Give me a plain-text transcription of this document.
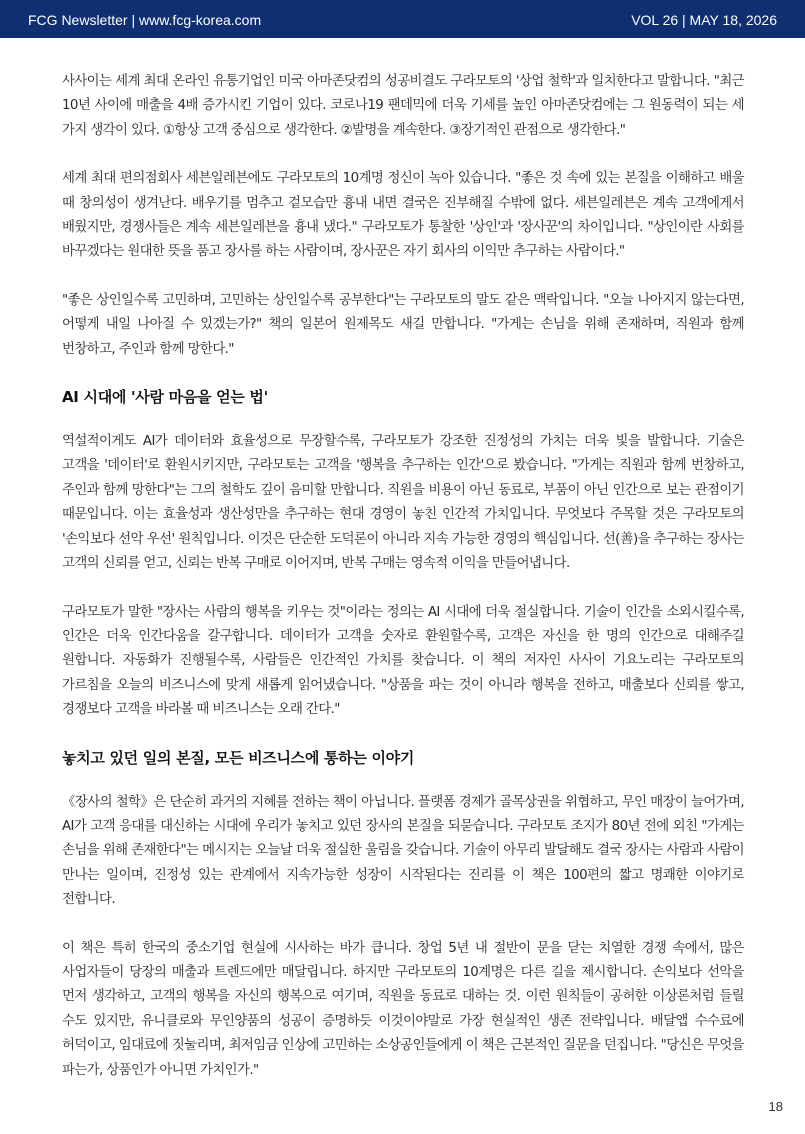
FCG Newsletter | www.fcg-korea.com	VOL 26 | MAY 18, 2026

사사이는 세계 최대 온라인 유통기업인 미국 아마존닷컴의 성공비결도 구라모토의 '상업 철학'과 일치한다고 말합니다. "최근 10년 사이에 매출을 4배 증가시킨 기업이 있다. 코로나19 팬데믹에 더욱 기세를 높인 아마존닷컴에는 그 원동력이 되는 세 가지 생각이 있다. ①항상 고객 중심으로 생각한다. ②발명을 계속한다. ③장기적인 관점으로 생각한다."

세계 최대 편의점회사 세븐일레븐에도 구라모토의 10계명 정신이 녹아 있습니다. "좋은 것 속에 있는 본질을 이해하고 배울 때 창의성이 생겨난다. 배우기를 멈추고 겉모습만 흉내 내면 결국은 진부해질 수밖에 없다. 세븐일레븐은 계속 고객에게서 배웠지만, 경쟁사들은 계속 세븐일레븐을 흉내 냈다." 구라모토가 통찰한 '상인'과 '장사꾼'의 차이입니다. "상인이란 사회를 바꾸겠다는 원대한 뜻을 품고 장사를 하는 사람이며, 장사꾼은 자기 회사의 이익만 추구하는 사람이다."

"좋은 상인일수록 고민하며, 고민하는 상인일수록 공부한다"는 구라모토의 말도 같은 맥락입니다. "오늘 나아지지 않는다면, 어떻게 내일 나아질 수 있겠는가?" 책의 일본어 원제목도 새길 만합니다. "가게는 손님을 위해 존재하며, 직원과 함께 번창하고, 주인과 함께 망한다."

AI 시대에 '사람 마음을 얻는 법'

역설적이게도 AI가 데이터와 효율성으로 무장할수록, 구라모토가 강조한 진정성의 가치는 더욱 빛을 발합니다. 기술은 고객을 '데이터'로 환원시키지만, 구라모토는 고객을 '행복을 추구하는 인간'으로 봤습니다. "가게는 직원과 함께 번창하고, 주인과 함께 망한다"는 그의 철학도 깊이 음미할 만합니다. 직원을 비용이 아닌 동료로, 부품이 아닌 인간으로 보는 관점이기 때문입니다. 이는 효율성과 생산성만을 추구하는 현대 경영이 놓친 인간적 가치입니다. 무엇보다 주목할 것은 구라모토의 '손익보다 선악 우선' 원칙입니다. 이것은 단순한 도덕론이 아니라 지속 가능한 경영의 핵심입니다. 선(善)을 추구하는 장사는 고객의 신뢰를 얻고, 신뢰는 반복 구매로 이어지며, 반복 구매는 영속적 이익을 만들어냅니다.

구라모토가 말한 "장사는 사람의 행복을 키우는 것"이라는 정의는 AI 시대에 더욱 절실합니다. 기술이 인간을 소외시킬수록, 인간은 더욱 인간다움을 갈구합니다. 데이터가 고객을 숫자로 환원할수록, 고객은 자신을 한 명의 인간으로 대해주길 원합니다. 자동화가 진행될수록, 사람들은 인간적인 가치를 찾습니다. 이 책의 저자인 사사이 기요노리는 구라모토의 가르침을 오늘의 비즈니스에 맞게 새롭게 읽어냈습니다. "상품을 파는 것이 아니라 행복을 전하고, 매출보다 신뢰를 쌓고, 경쟁보다 고객을 바라볼 때 비즈니스는 오래 간다."

놓치고 있던 일의 본질, 모든 비즈니스에 통하는 이야기

《장사의 철학》은 단순히 과거의 지혜를 전하는 책이 아닙니다. 플랫폼 경제가 골목상권을 위협하고, 무인 매장이 늘어가며, AI가 고객 응대를 대신하는 시대에 우리가 놓치고 있던 장사의 본질을 되묻습니다. 구라모토 조지가 80년 전에 외친 "가게는 손님을 위해 존재한다"는 메시지는 오늘날 더욱 절실한 울림을 갖습니다. 기술이 아무리 발달해도 결국 장사는 사람과 사람이 만나는 일이며, 진정성 있는 관계에서 지속가능한 성장이 시작된다는 진리를 이 책은 100편의 짧고 명쾌한 이야기로 전합니다.

이 책은 특히 한국의 중소기업 현실에 시사하는 바가 큽니다. 창업 5년 내 절반이 문을 닫는 치열한 경쟁 속에서, 많은 사업자들이 당장의 매출과 트렌드에만 매달립니다. 하지만 구라모토의 10계명은 다른 길을 제시합니다. 손익보다 선악을 먼저 생각하고, 고객의 행복을 자신의 행복으로 여기며, 직원을 동료로 대하는 것. 이런 원칙들이 공허한 이상론처럼 들릴 수도 있지만, 유니클로와 무인양품의 성공이 증명하듯 이것이야말로 가장 현실적인 생존 전략입니다. 배달앱 수수료에 허덕이고, 임대료에 짓눌리며, 최저임금 인상에 고민하는 소상공인들에게 이 책은 근본적인 질문을 던집니다. "당신은 무엇을 파는가, 상품인가 아니면 가치인가."

18
